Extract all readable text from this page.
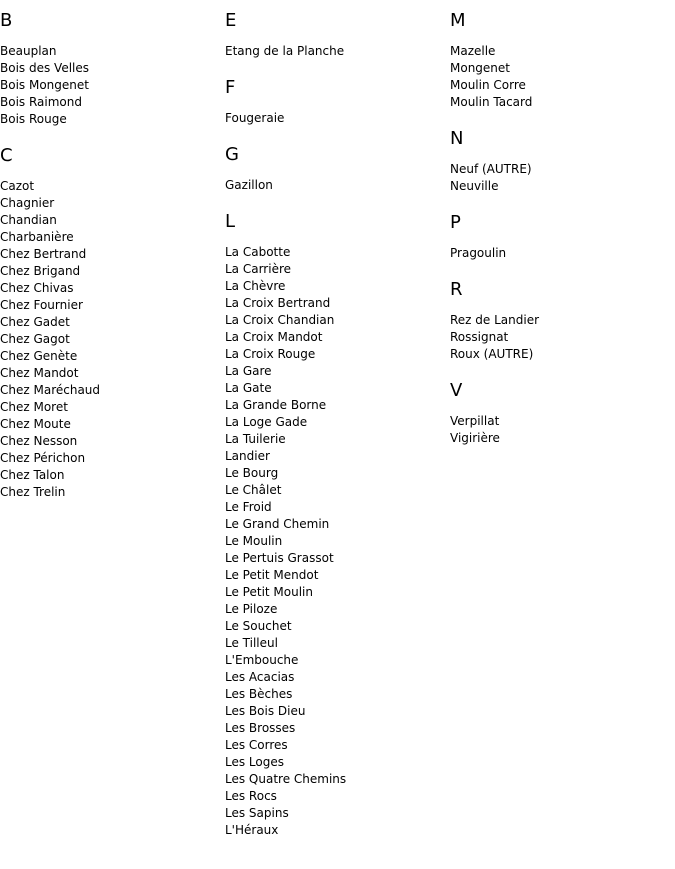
B
Beauplan
Bois des Velles
Bois Mongenet
Bois Raimond
Bois Rouge
C
Cazot
Chagnier
Chandian
Charbanière
Chez Bertrand
Chez Brigand
Chez Chivas
Chez Fournier
Chez Gadet
Chez Gagot
Chez Genète
Chez Mandot
Chez Maréchaud
Chez Moret
Chez Moute
Chez Nesson
Chez Périchon
Chez Talon
Chez Trelin
E
Etang de la Planche
F
Fougeraie
G
Gazillon
L
La Cabotte
La Carrière
La Chèvre
La Croix Bertrand
La Croix Chandian
La Croix Mandot
La Croix Rouge
La Gare
La Gate
La Grande Borne
La Loge Gade
La Tuilerie
Landier
Le Bourg
Le Châlet
Le Froid
Le Grand Chemin
Le Moulin
Le Pertuis Grassot
Le Petit Mendot
Le Petit Moulin
Le Piloze
Le Souchet
Le Tilleul
L'Embouche
Les Acacias
Les Bèches
Les Bois Dieu
Les Brosses
Les Corres
Les Loges
Les Quatre Chemins
Les Rocs
Les Sapins
L'Héraux
M
Mazelle
Mongenet
Moulin Corre
Moulin Tacard
N
Neuf (AUTRE)
Neuville
P
Pragoulin
R
Rez de Landier
Rossignat
Roux (AUTRE)
V
Verpillat
Vigirière
